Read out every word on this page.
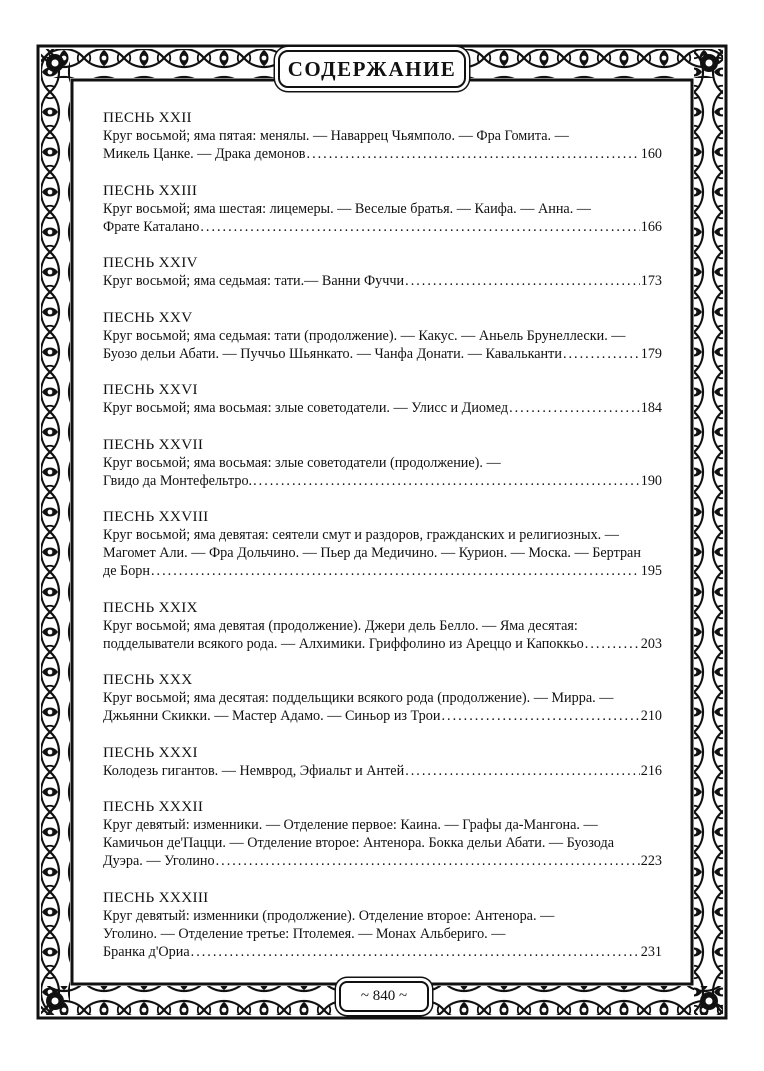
СОДЕРЖАНИЕ
ПЕСНЬ XXII
Круг восьмой; яма пятая: менялы. — Наваррец Чьямполо. — Фра Гомита. —
Микель Цанке. — Драка демонов .....	160
ПЕСНЬ XXIII
Круг восьмой; яма шестая: лицемеры. — Веселые братья. — Каифа. — Анна. —
Фрате Каталано .....	166
ПЕСНЬ XXIV
Круг восьмой; яма седьмая: тати.— Ванни Фуччи .....	173
ПЕСНЬ XXV
Круг восьмой; яма седьмая: тати (продолжение). — Какус. — Аньель Брунеллески. —
Буозо дельи Абати. — Пуччьо Шьянкато. — Чанфа Донати. — Кавальканти .....	179
ПЕСНЬ XXVI
Круг восьмой; яма восьмая: злые советодатели. — Улисс и Диомед .....	184
ПЕСНЬ XXVII
Круг восьмой; яма восьмая: злые советодатели (продолжение). —
Гвидо да Монтефельтро. .....	190
ПЕСНЬ XXVIII
Круг восьмой; яма девятая: сеятели смут и раздоров, гражданских и религиозных. —
Магомет Али. — Фра Дольчино. — Пьер да Медичино. — Курион. — Моска. — Бертран
де Борн .....	195
ПЕСНЬ XXIX
Круг восьмой; яма девятая (продолжение). Джери дель Белло. — Яма десятая:
подделыватели всякого рода. — Алхимики. Гриффолино из Ареццо и Капоккьо .....	203
ПЕСНЬ XXX
Круг восьмой; яма десятая: поддельщики всякого рода (продолжение). — Мирра. —
Джьянни Скикки. — Мастер Адамо. — Синьор из Трои .....	210
ПЕСНЬ XXXI
Колодезь гигантов. — Немврод, Эфиальт и Антей .....	216
ПЕСНЬ XXXII
Круг девятый: изменники. — Отделение первое: Каина. — Графы да-Мангона. —
Камичьон де'Пацци. — Отделение второе: Антенора. Бокка дельи Абати. — Буозода
Дуэра. — Уголино .....	223
ПЕСНЬ XXXIII
Круг девятый: изменники (продолжение). Отделение второе: Антенора. —
Уголино. — Отделение третье: Птолемея. — Монах Альбериго. —
Бранка д'Ориа .....	231
~ 840 ~
